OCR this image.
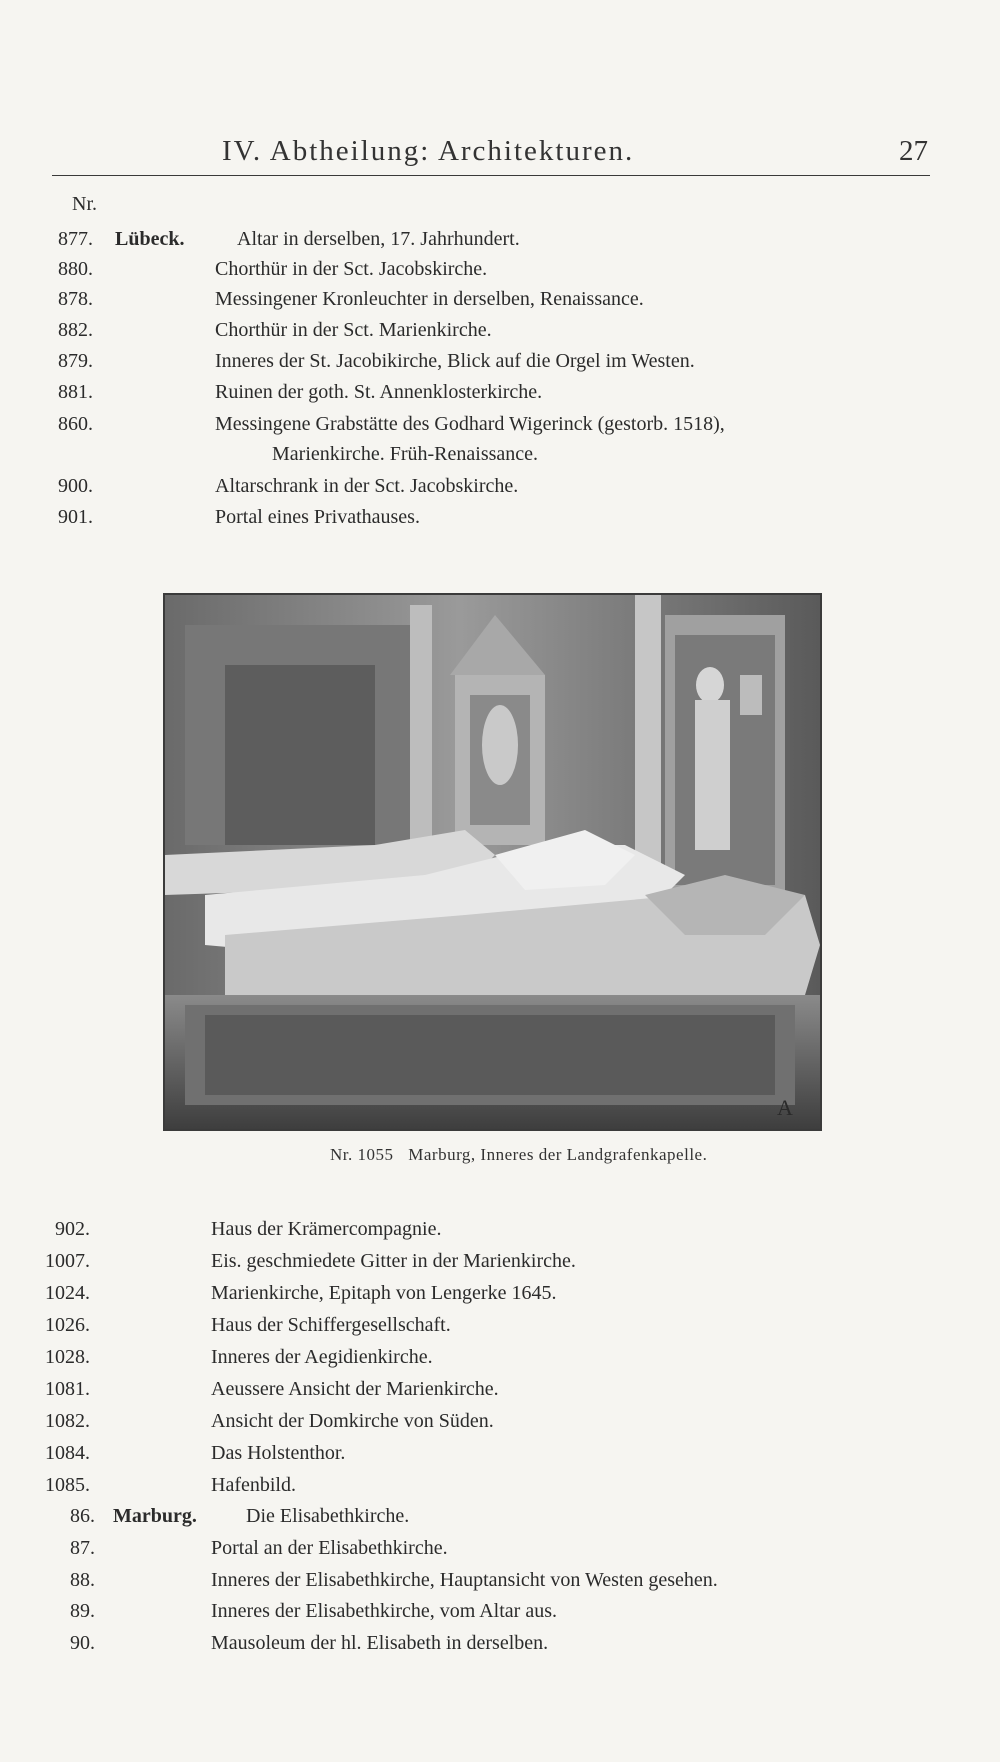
IV. Abtheilung: Architekturen.	27
Nr.
877. Lübeck.	Altar in derselben, 17. Jahrhundert.
880.	Chorthür in der Sct. Jacobskirche.
878.	Messingener Kronleuchter in derselben, Renaissance.
882.	Chorthür in der Sct. Marienkirche.
879.	Inneres der St. Jacobikirche, Blick auf die Orgel im Westen.
881.	Ruinen der goth. St. Annenklosterkirche.
860.	Messingene Grabstätte des Godhard Wigerinck (gestorb. 1518),
Marienkirche. Früh-Renaissance.
900.	Altarschrank in der Sct. Jacobskirche.
901.	Portal eines Privathauses.
A
Nr. 1055 Marburg, Inneres der Landgrafenkapelle.
902.	Haus der Krämercompagnie.
1007.	Eis. geschmiedete Gitter in der Marienkirche.
1024.	Marienkirche, Epitaph von Lengerke 1645.
1026.	Haus der Schiffergesellschaft.
1028.	Inneres der Aegidienkirche.
1081.	Aeussere Ansicht der Marienkirche.
1082.	Ansicht der Domkirche von Süden.
1084.	Das Holstenthor.
1085.	Hafenbild.
86. Marburg. Die Elisabethkirche.
87.	Portal an der Elisabethkirche.
88.	Inneres der Elisabethkirche, Hauptansicht von Westen gesehen.
89.	Inneres der Elisabethkirche, vom Altar aus.
90.	Mausoleum der hl. Elisabeth in derselben.
